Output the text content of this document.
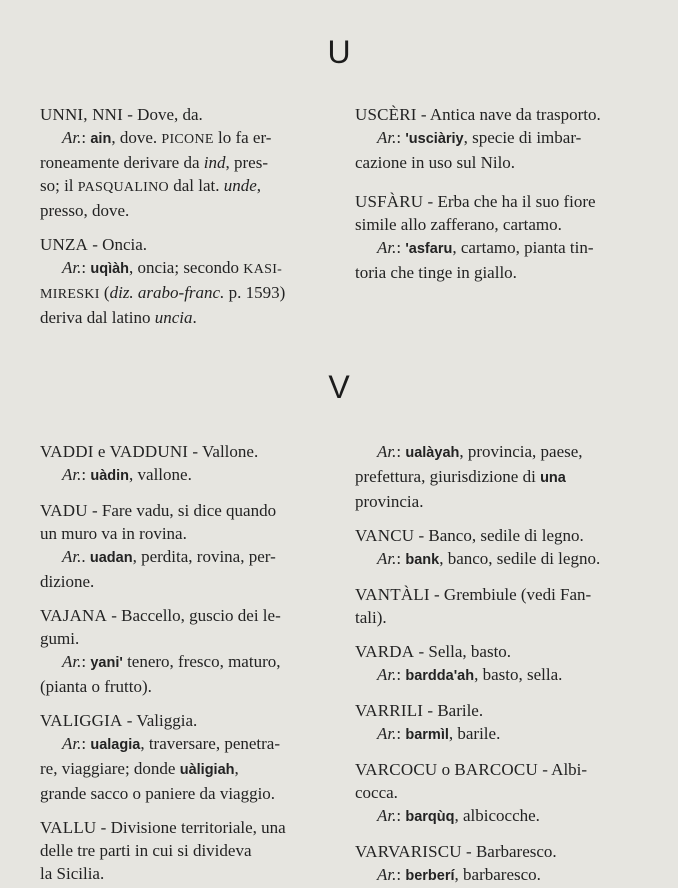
U
UNNI, NNI - Dove, da.
Ar.: ain, dove. PICONE lo fa er-
roneamente derivare da ind, pres-
so; il PASQUALINO dal lat. unde,
presso, dove.
UNZA - Oncia.
Ar.: uqìàh, oncia; secondo KASI-
MIRESKI (diz. arabo-franc. p. 1593)
deriva dal latino uncia.
USCÈRI - Antica nave da trasporto.
Ar.: 'usciàriy, specie di imbar-
cazione in uso sul Nilo.
USFÀRU - Erba che ha il suo fiore
simile allo zafferano, cartamo.
Ar.: 'asfaru, cartamo, pianta tin-
toria che tinge in giallo.
V
VADDI e VADDUNI - Vallone.
Ar.: uàdin, vallone.
VADU - Fare vadu, si dice quando
un muro va in rovina.
Ar.. uadan, perdita, rovina, per-
dizione.
VAJANA - Baccello, guscio dei le-
gumi.
Ar.: yani' tenero, fresco, maturo,
(pianta o frutto).
VALIGGIA - Valiggia.
Ar.: ualagia, traversare, penetra-
re, viaggiare; donde uàligiah,
grande sacco o paniere da viaggio.
VALLU - Divisione territoriale, una
delle tre parti in cui si divideva
la Sicilia.
Ar.: ualàyah, provincia, paese,
prefettura, giurisdizione di una
provincia.
VANCU - Banco, sedile di legno.
Ar.: bank, banco, sedile di legno.
VANTÀLI - Grembiule (vedi Fan-
tali).
VARDA - Sella, basto.
Ar.: bardda'ah, basto, sella.
VARRILI - Barile.
Ar.: barmìl, barile.
VARCOCU o BARCOCU - Albi-
cocca.
Ar.: barqùq, albicocche.
VARVARISCU - Barbaresco.
Ar.: berberí, barbaresco.
